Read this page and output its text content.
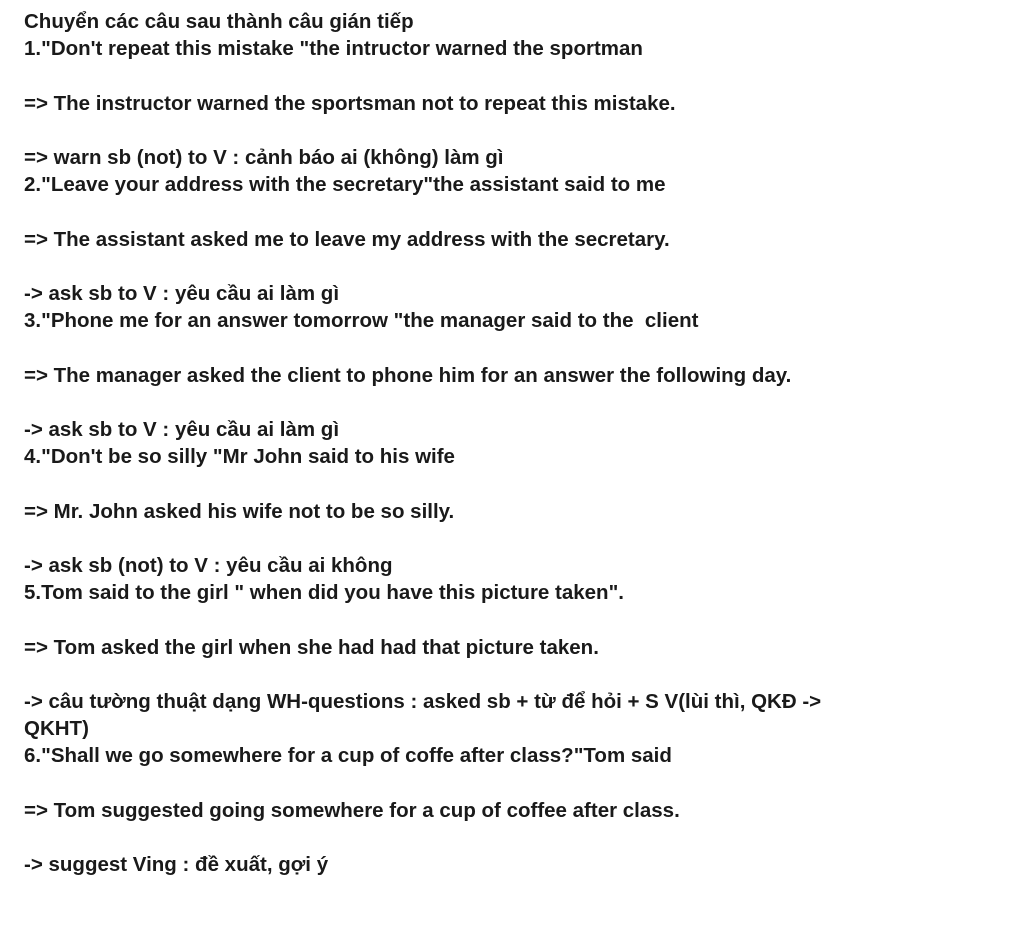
Chuyển các câu sau thành câu gián tiếp
1."Don't repeat this mistake "the intructor warned the sportman
=> The instructor warned the sportsman not to repeat this mistake.
=> warn sb (not) to V : cảnh báo ai (không) làm gì
2."Leave your address with the secretary"the assistant said to me
=> The assistant asked me to leave my address with the secretary.
-> ask sb to V : yêu cầu ai làm gì
3."Phone me for an answer tomorrow "the manager said to the  client
=> The manager asked the client to phone him for an answer the following day.
-> ask sb to V : yêu cầu ai làm gì
4."Don't be so silly "Mr John said to his wife
=> Mr. John asked his wife not to be so silly.
-> ask sb (not) to V : yêu cầu ai không
5.Tom said to the girl " when did you have this picture taken".
=> Tom asked the girl when she had had that picture taken.
-> câu tường thuật dạng WH-questions : asked sb + từ để hỏi + S V(lùi thì, QKĐ ->
QKHT)
6."Shall we go somewhere for a cup of coffe after class?"Tom said
=> Tom suggested going somewhere for a cup of coffee after class.
-> suggest Ving : đề xuất, gợi ý
